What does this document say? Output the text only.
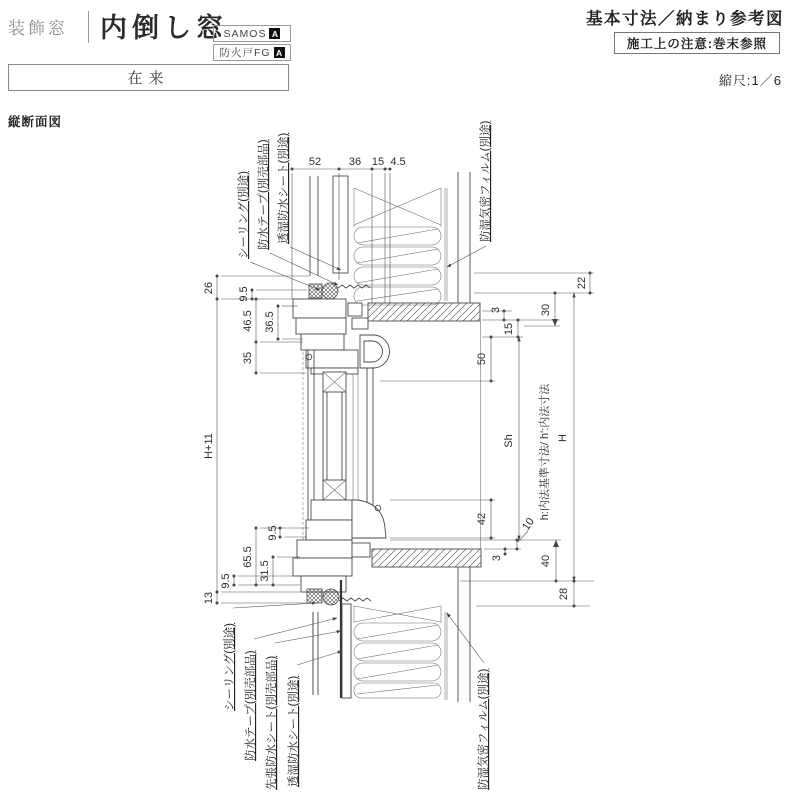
装飾窓 内倒し窓
SAMOS A
防火戸FG A
在来
縦断面図
基本寸法／納まり参考図
施工上の注意:巻末参照
縮尺:1／6
52	36 15 4.5
26 9.5
46.5 36.5
35
H+11
9.5
65.5
31.5
9.5
13
22
30
3
15
50
Sh h:内法基準寸法/ h':内法寸法 H
42	10
3	40
28
シーリング(別途) 防水テープ(別売部品) 透湿防水シート(別途)	防湿気密フィルム(別途)
シーリング(別途) 防水テープ(別売部品) 先張防水シート(別売部品) 透湿防水シート(別途)	防湿気密フィルム(別途)
